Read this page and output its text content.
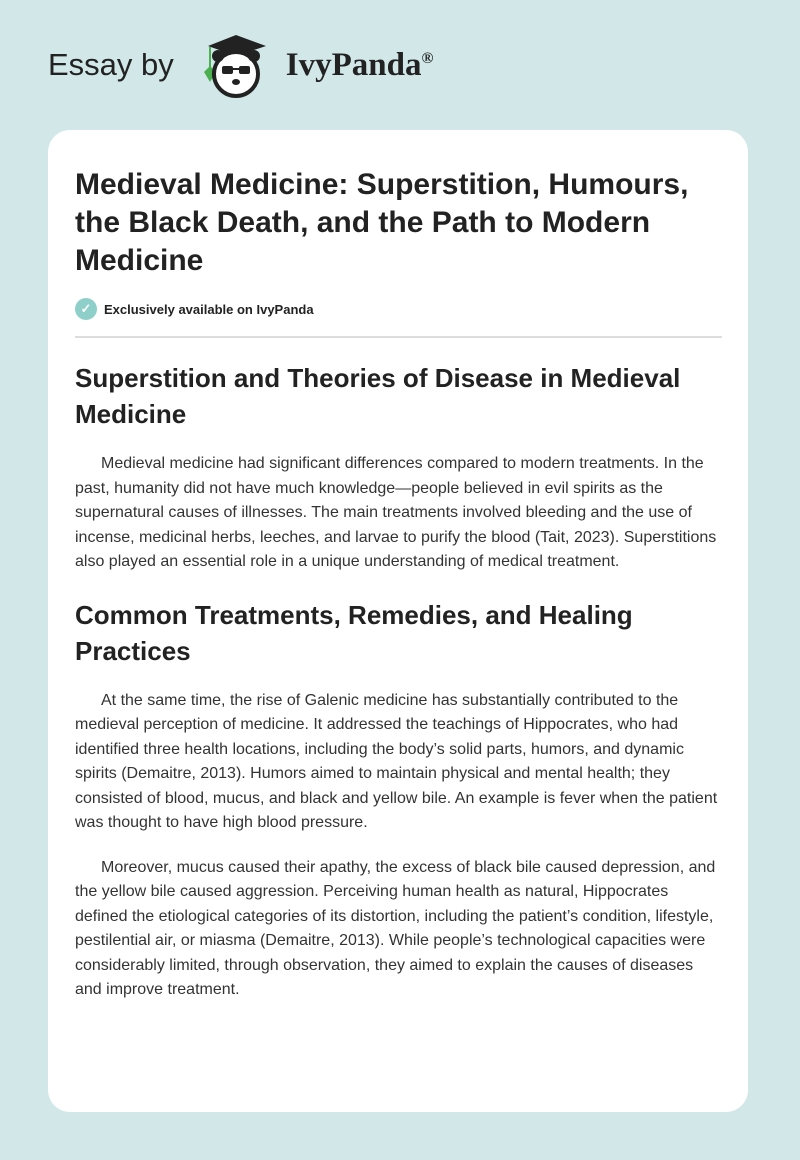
Essay by	IvyPanda®
Medieval Medicine: Superstition, Humours, the Black Death, and the Path to Modern Medicine
✓ Exclusively available on IvyPanda
Superstition and Theories of Disease in Medieval Medicine

Medieval medicine had significant differences compared to modern treatments. In the past, humanity did not have much knowledge—people believed in evil spirits as the supernatural causes of illnesses. The main treatments involved bleeding and the use of incense, medicinal herbs, leeches, and larvae to purify the blood (Tait, 2023). Superstitions also played an essential role in a unique understanding of medical treatment.

Common Treatments, Remedies, and Healing Practices

At the same time, the rise of Galenic medicine has substantially contributed to the medieval perception of medicine. It addressed the teachings of Hippocrates, who had identified three health locations, including the body’s solid parts, humors, and dynamic spirits (Demaitre, 2013). Humors aimed to maintain physical and mental health; they consisted of blood, mucus, and black and yellow bile. An example is fever when the patient was thought to have high blood pressure.

Moreover, mucus caused their apathy, the excess of black bile caused depression, and the yellow bile caused aggression. Perceiving human health as natural, Hippocrates defined the etiological categories of its distortion, including the patient’s condition, lifestyle, pestilential air, or miasma (Demaitre, 2013). While people’s technological capacities were considerably limited, through observation, they aimed to explain the causes of diseases and improve treatment.
